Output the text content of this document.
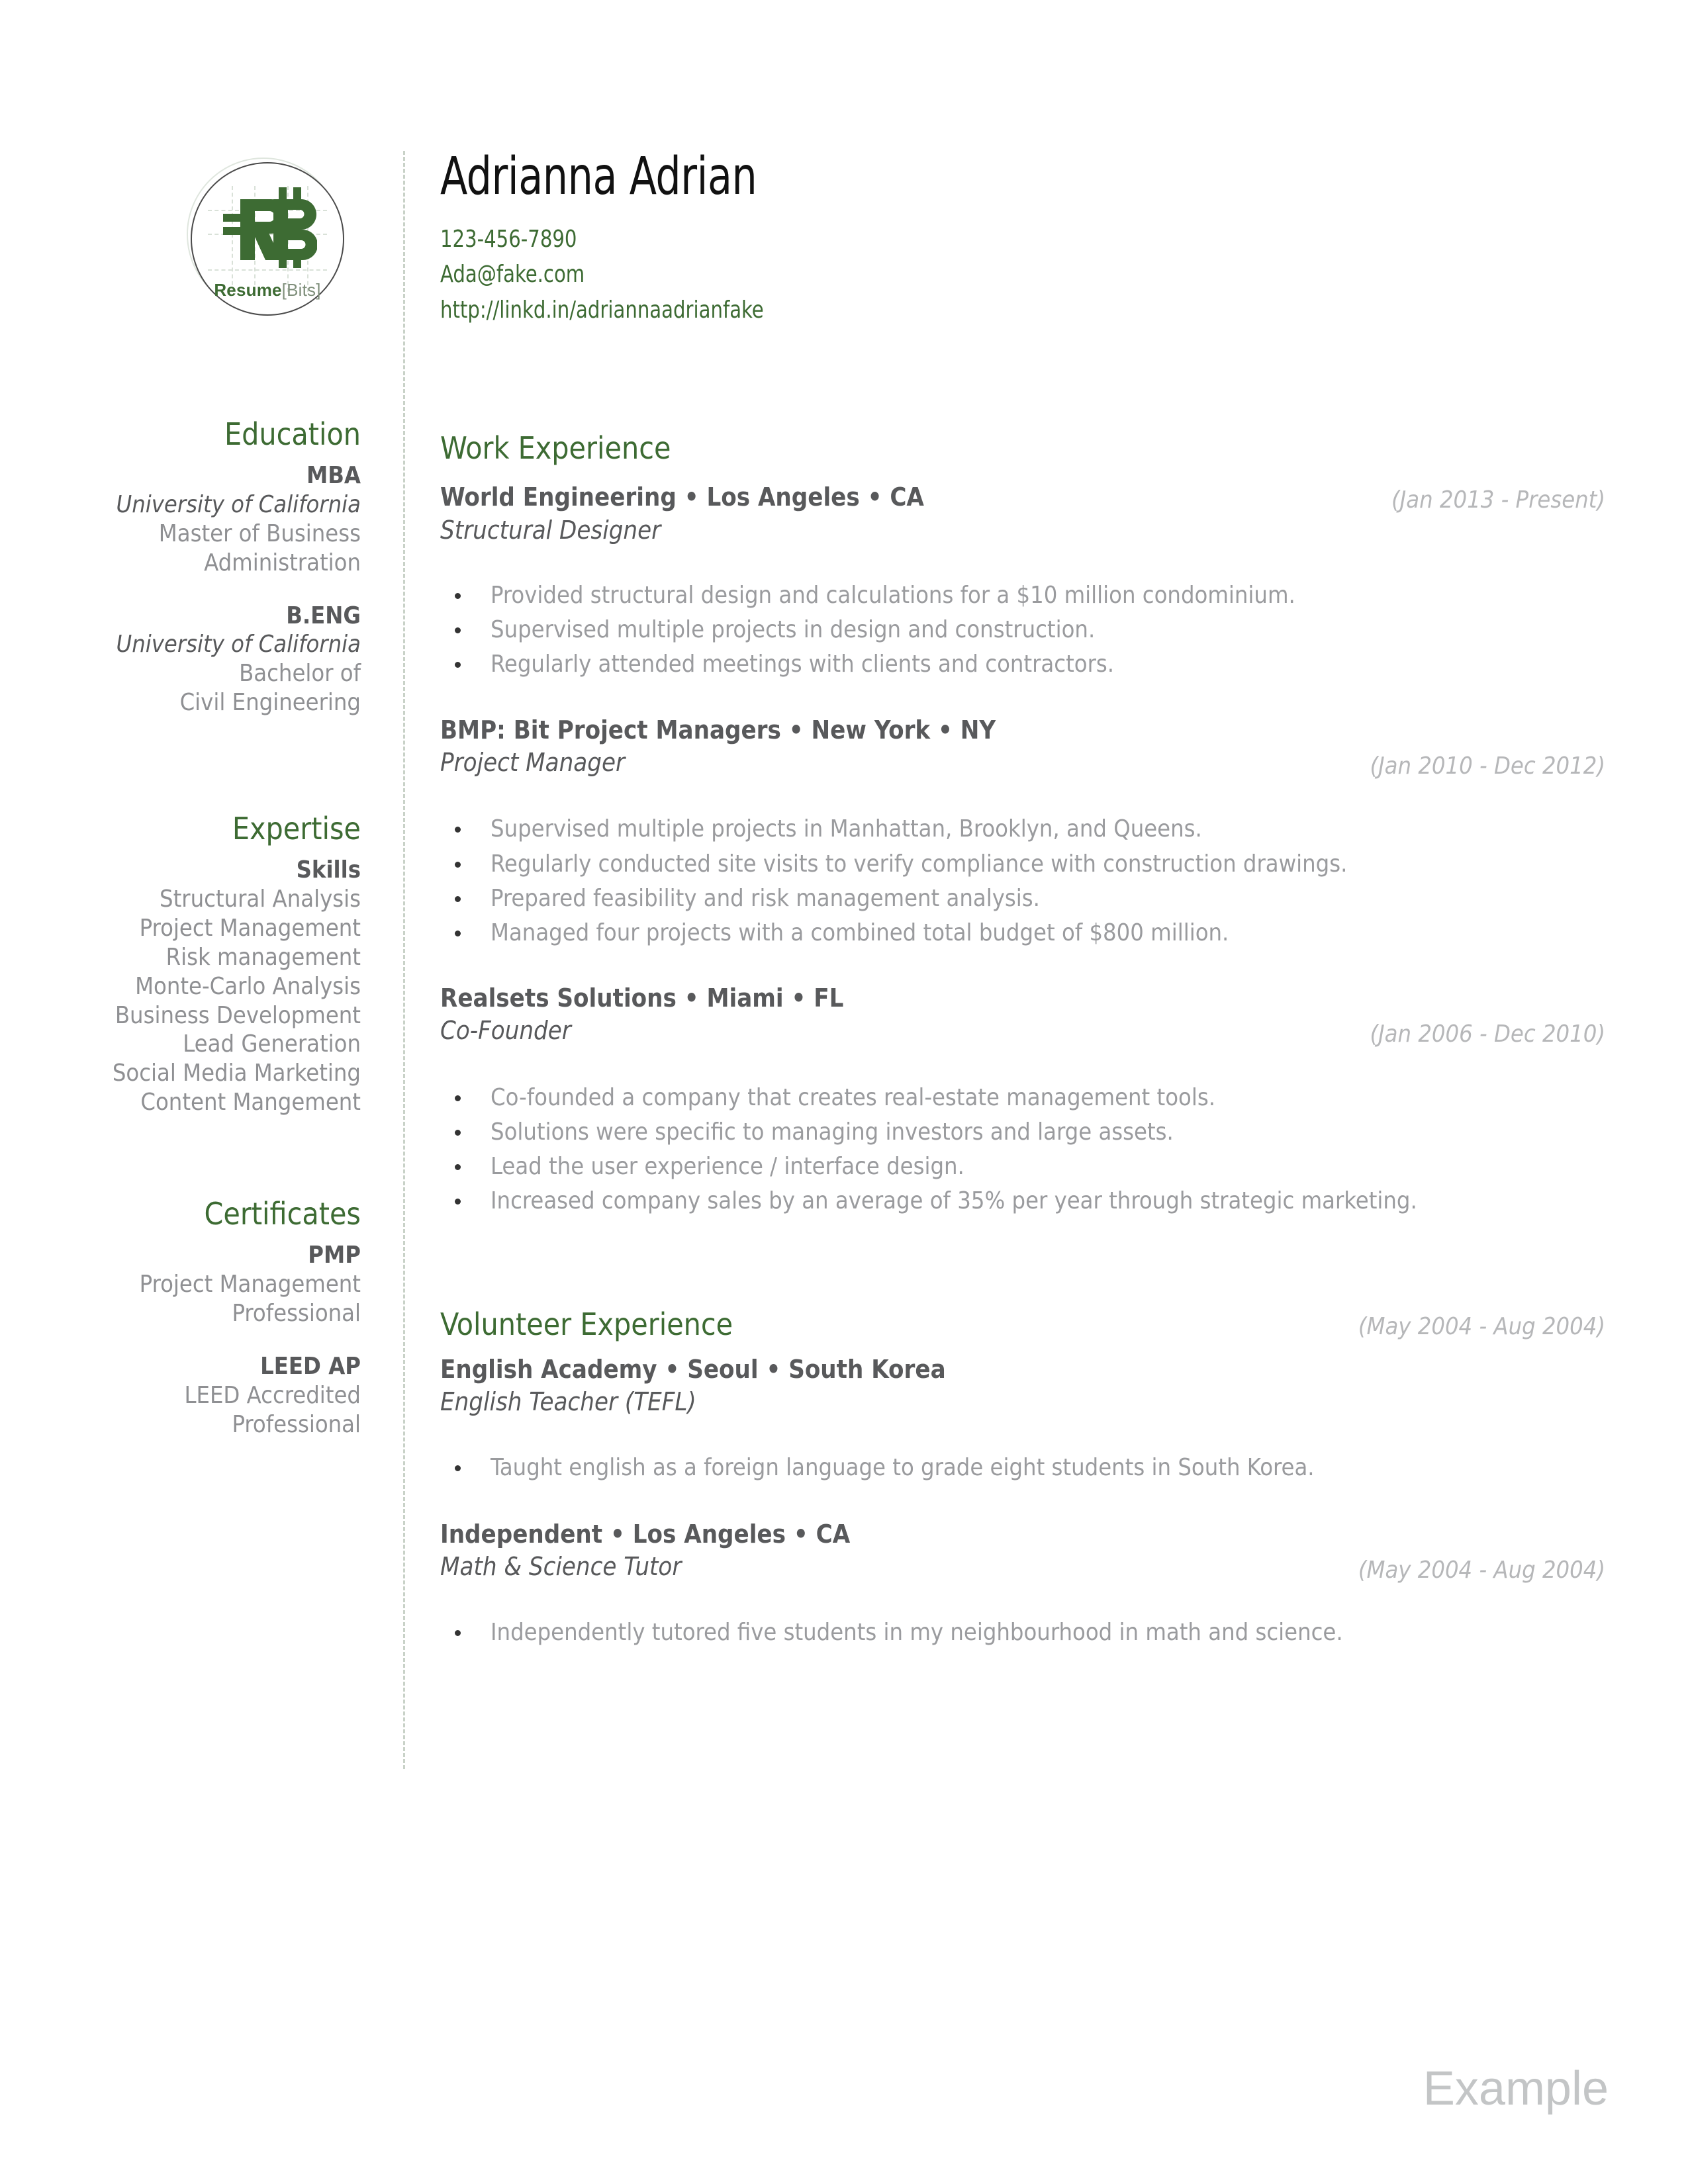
Resume[Bits]
Adrianna Adrian
123-456-7890
Ada@fake.com
http://linkd.in/adriannaadrianfake
Education
MBA
University of California
Master of Business
Administration
B.ENG
University of California
Bachelor of
Civil Engineering
Expertise
Skills
Structural Analysis
Project Management
Risk management
Monte-Carlo Analysis
Business Development
Lead Generation
Social Media Marketing
Content Mangement
Certificates
PMP
Project Management
Professional
LEED AP
LEED Accredited
Professional
Work Experience
(Jan 2013 - Present)
World Engineering • Los Angeles • CA
Structural Designer
Provided structural design and calculations for a $10 million condominium.
Supervised multiple projects in design and construction.
Regularly attended meetings with clients and contractors.
(Jan 2010 - Dec 2012)
BMP: Bit Project Managers • New York • NY
Project Manager
Supervised multiple projects in Manhattan, Brooklyn, and Queens.
Regularly conducted site visits to verify compliance with construction drawings.
Prepared feasibility and risk management analysis.
Managed four projects with a combined total budget of $800 million.
(Jan 2006 - Dec 2010)
Realsets Solutions • Miami • FL
Co-Founder
Co-founded a company that creates real-estate management tools.
Solutions were specific to managing investors and large assets.
Lead the user experience / interface design.
Increased company sales by an average of 35% per year through strategic marketing.
(May 2004 - Aug 2004)
Volunteer Experience
English Academy • Seoul • South Korea
English Teacher (TEFL)
Taught english as a foreign language to grade eight students in South Korea.
(May 2004 - Aug 2004)
Independent • Los Angeles • CA
Math & Science Tutor
Independently tutored five students in my neighbourhood in math and science.
Example
